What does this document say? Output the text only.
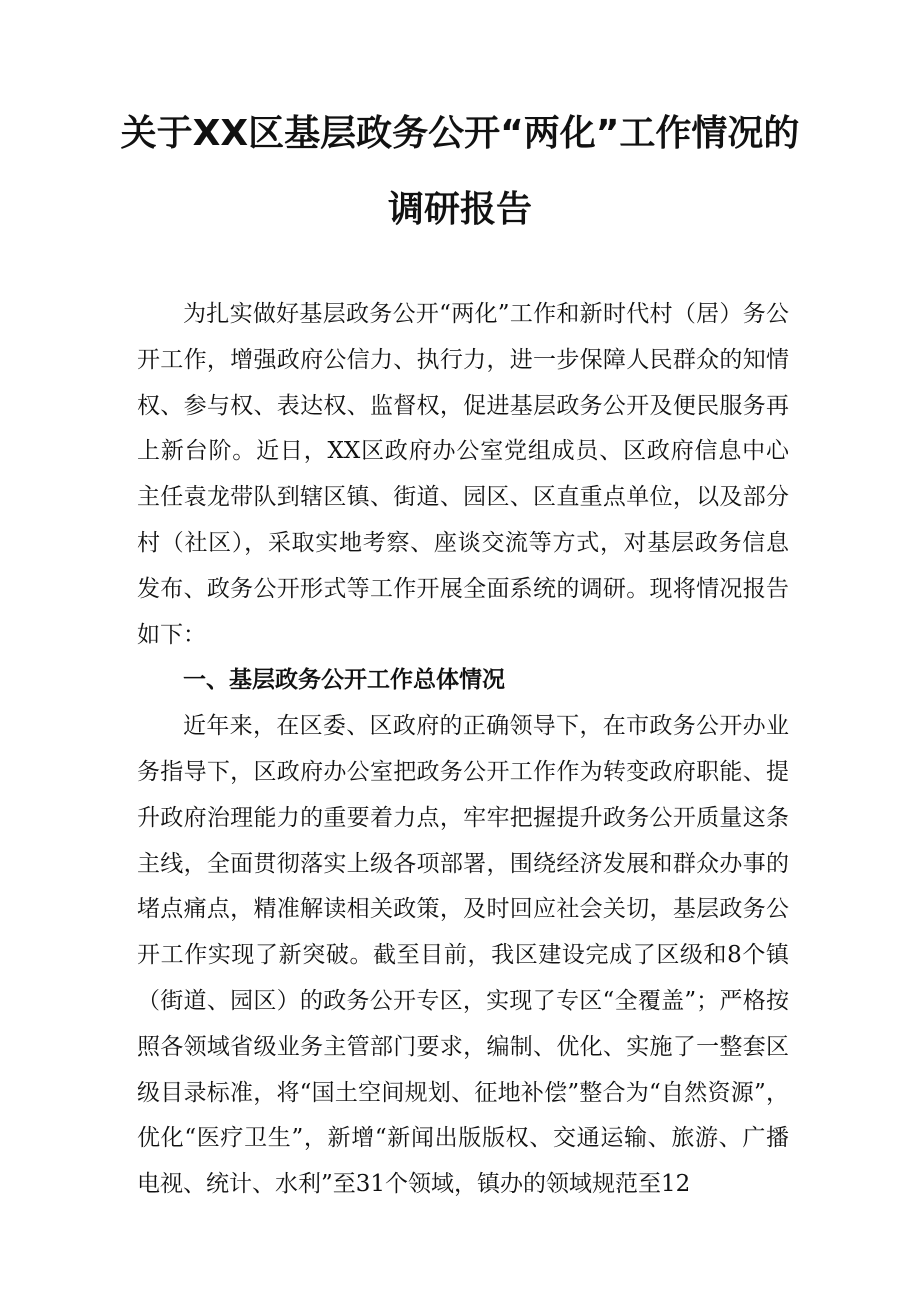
关于XX区基层政务公开“两化”工作情况的
调研报告

为扎实做好基层政务公开“两化”工作和新时代村（居）务公开工作，增强政府公信力、执行力，进一步保障人民群众的知情权、参与权、表达权、监督权，促进基层政务公开及便民服务再上新台阶。近日，XX区政府办公室党组成员、区政府信息中心主任袁龙带队到辖区镇、街道、园区、区直重点单位，以及部分村（社区），采取实地考察、座谈交流等方式，对基层政务信息发布、政务公开形式等工作开展全面系统的调研。现将情况报告如下：

一、基层政务公开工作总体情况

近年来，在区委、区政府的正确领导下，在市政务公开办业务指导下，区政府办公室把政务公开工作作为转变政府职能、提升政府治理能力的重要着力点，牢牢把握提升政务公开质量这条主线，全面贯彻落实上级各项部署，围绕经济发展和群众办事的堵点痛点，精准解读相关政策，及时回应社会关切，基层政务公开工作实现了新突破。截至目前，我区建设完成了区级和8个镇（街道、园区）的政务公开专区，实现了专区“全覆盖”；严格按照各领域省级业务主管部门要求，编制、优化、实施了一整套区级目录标准，将“国土空间规划、征地补偿”整合为“自然资源”，优化“医疗卫生”，新增“新闻出版版权、交通运输、旅游、广播电视、统计、水利”至31个领域，镇办的领域规范至12
